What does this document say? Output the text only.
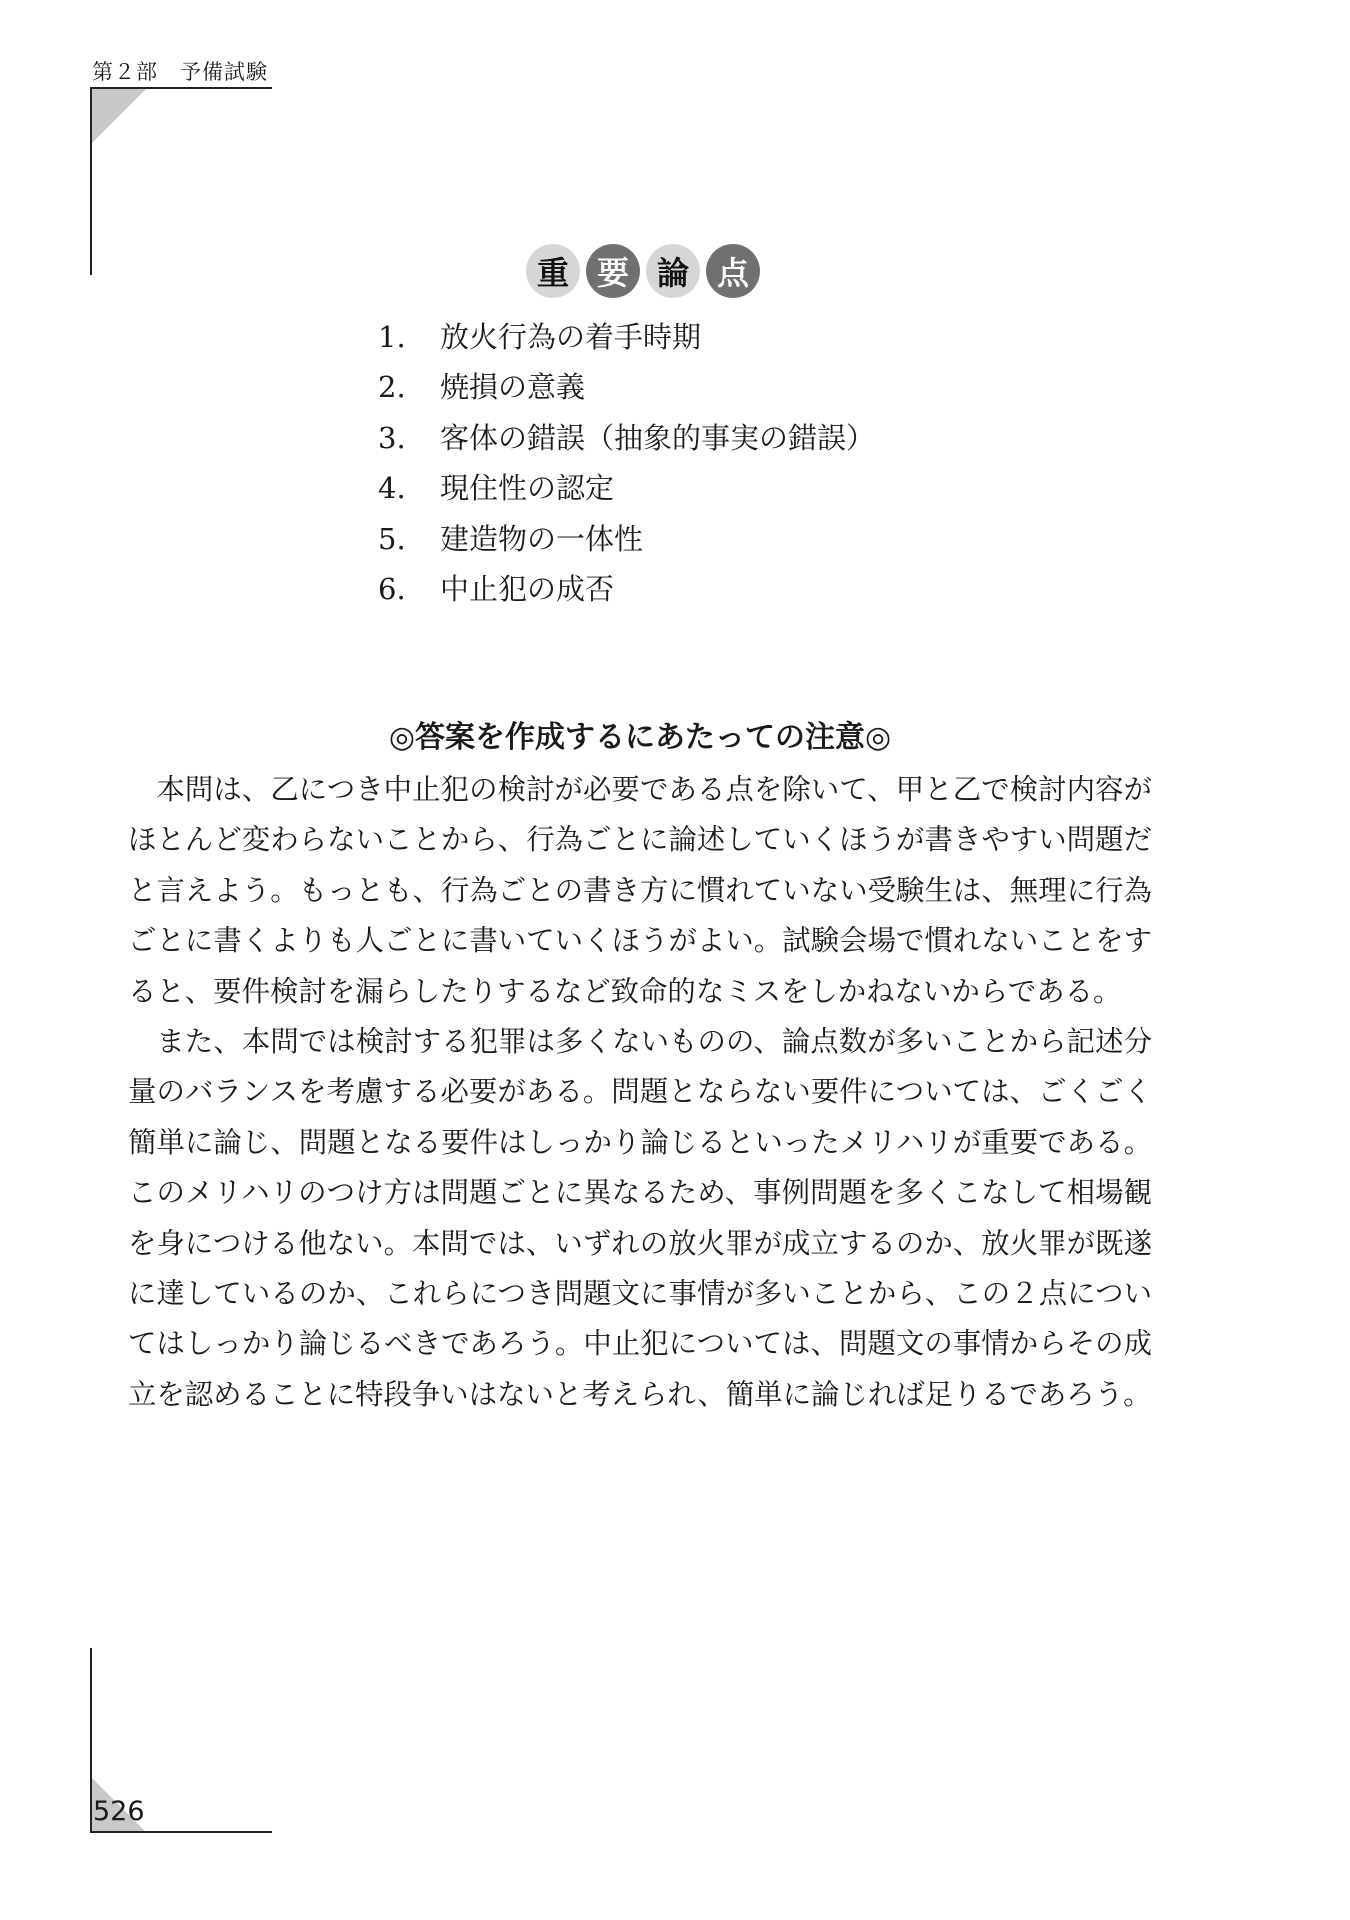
第２部　予備試験
重 要 論 点
1. 放火行為の着手時期
2. 焼損の意義
3. 客体の錯誤（抽象的事実の錯誤）
4. 現住性の認定
5. 建造物の一体性
6. 中止犯の成否
◎答案を作成するにあたっての注意◎

本問は、乙につき中止犯の検討が必要である点を除いて、甲と乙で検討内容がほとんど変わらないことから、行為ごとに論述していくほうが書きやすい問題だと言えよう。もっとも、行為ごとの書き方に慣れていない受験生は、無理に行為ごとに書くよりも人ごとに書いていくほうがよい。試験会場で慣れないことをすると、要件検討を漏らしたりするなど致命的なミスをしかねないからである。

また、本問では検討する犯罪は多くないものの、論点数が多いことから記述分量のバランスを考慮する必要がある。問題とならない要件については、ごくごく簡単に論じ、問題となる要件はしっかり論じるといったメリハリが重要である。このメリハリのつけ方は問題ごとに異なるため、事例問題を多くこなして相場観を身につける他ない。本問では、いずれの放火罪が成立するのか、放火罪が既遂に達しているのか、これらにつき問題文に事情が多いことから、この２点についてはしっかり論じるべきであろう。中止犯については、問題文の事情からその成立を認めることに特段争いはないと考えられ、簡単に論じれば足りるであろう。

526
